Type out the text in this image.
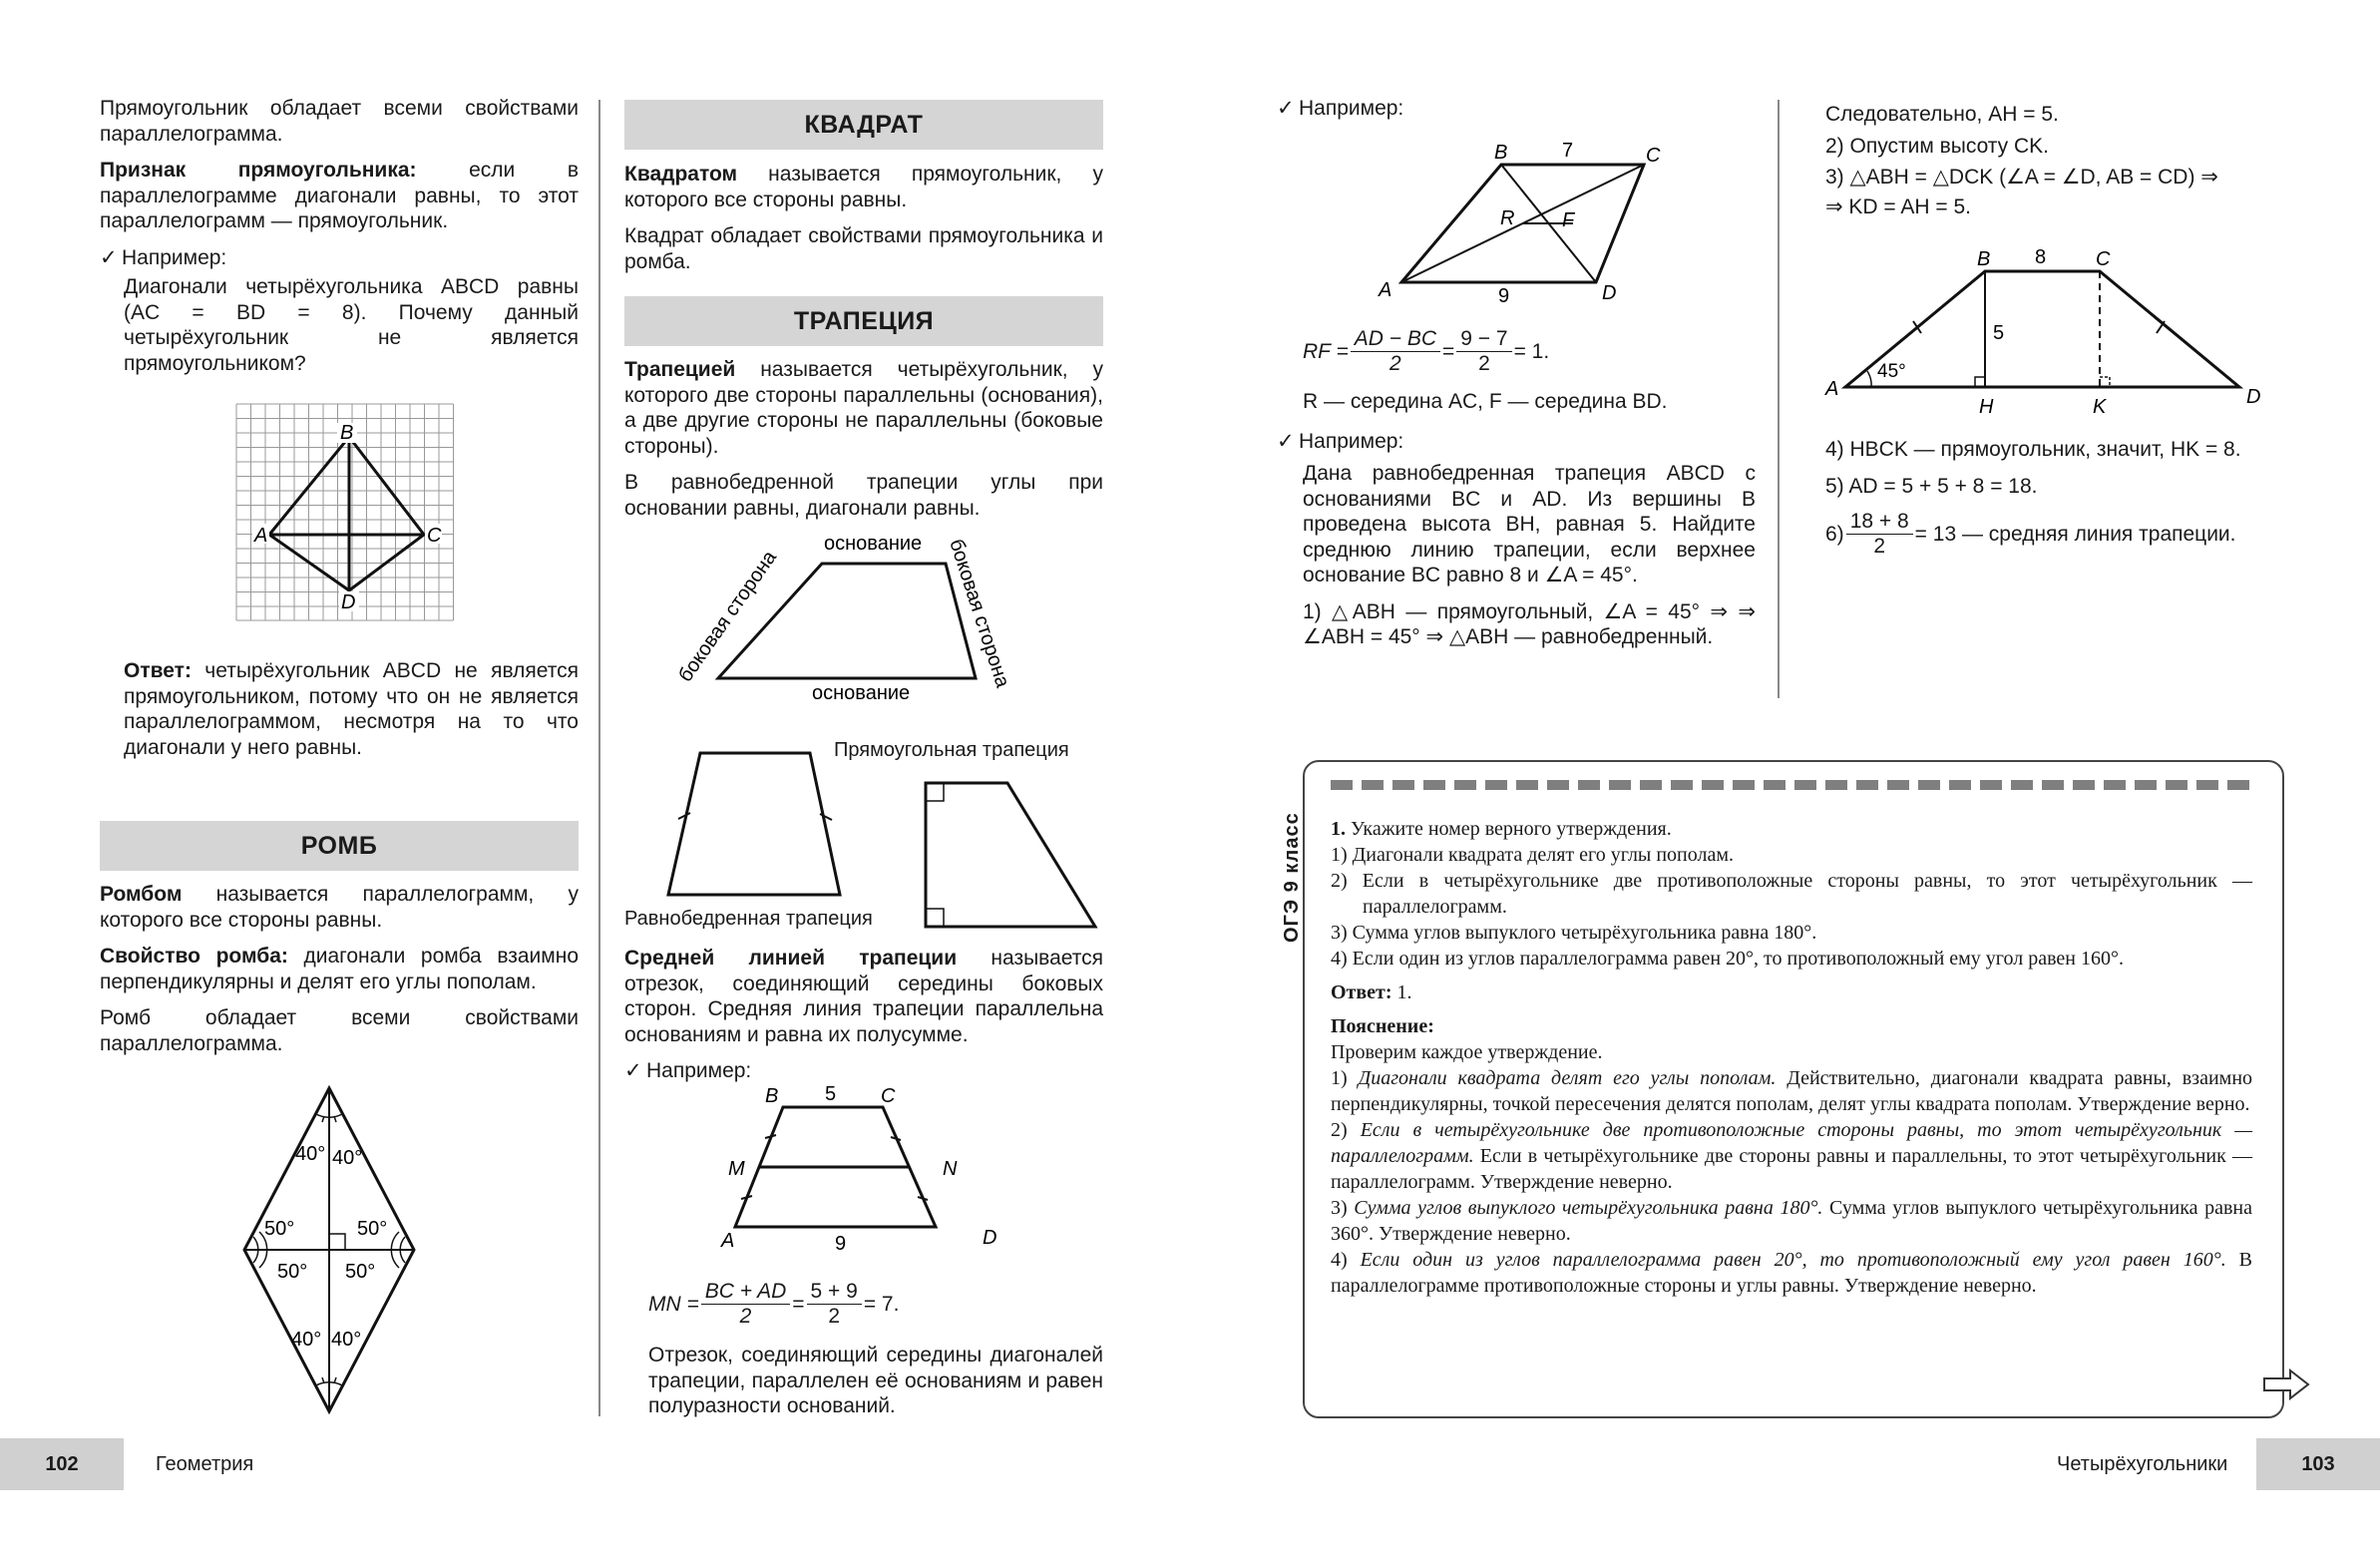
Прямоугольник обладает всеми свойствами параллелограмма.

Признак прямоугольника: если в параллелограмме диагонали равны, то этот параллелограмм — прямоугольник.

✓ Например:

Диагонали четырёхугольника ABCD равны (AC = BD = 8). Почему данный четырёхугольник не является прямоугольником?

B
A	C
D

Ответ: четырёхугольник ABCD не является прямоугольником, потому что он не является параллелограммом, несмотря на то что диагонали у него равны.

РОМБ

Ромбом называется параллелограмм, у которого все стороны равны.

Свойство ромба: диагонали ромба взаимно перпендикулярны и делят его углы пополам.

Ромб обладает всеми свойствами параллелограмма.

40° 40°
50°	50°
50° 50°
40° 40°
КВАДРАТ

Квадратом называется прямоугольник, у которого все стороны равны.

Квадрат обладает свойствами прямоугольника и ромба.

ТРАПЕЦИЯ

Трапецией называется четырёхугольник, у которого две стороны параллельны (основания), а две другие стороны не параллельны (боковые стороны).

В равнобедренной трапеции углы при основании равны, диагонали равны.

основание
основание
боковая сторона	боковая сторона
Прямоугольная трапеция
Равнобедренная трапеция

Средней линией трапеции называется отрезок, соединяющий середины боковых сторон. Средняя линия трапеции параллельна основаниям и равна их полусумме.

✓ Например:
B 5 C
M	N
A	9	D
MN = $\frac{BC + AD}{2} = \frac{5 + 9}{2} = 7$.
Отрезок, соединяющий середины диагоналей трапеции, параллелен её основаниям и равен полуразности оснований.
✓ Например:
B	7	C
R F
A	9	D
RF = $\frac{AD - BC}{2} = \frac{9 - 7}{2} = 1$.
R — середина AC, F — середина BD.
✓ Например:

Дана равнобедренная трапеция ABCD с основаниями BC и AD. Из вершины B проведена высота BH, равная 5. Найдите среднюю линию трапеции, если верхнее основание BC равно 8 и ∠A = 45°.

1) △ABH — прямоугольный, ∠A = 45° ⇒ ⇒ ∠ABH = 45° ⇒ △ABH — равнобедренный.

Следовательно, AH = 5.

2) Опустим высоту CK.

3) △ABH = △DCK (∠A = ∠D, AB = CD) ⇒

⇒ KD = AH = 5.

B 8 C
5
45°
A
H	K	D

4) HBCK — прямоугольник, значит, HK = 8.

5) AD = 5 + 5 + 8 = 18.

$6) \frac{18 + 8}{2} = 13$ — средняя линия трапеции.
ОГЭ 9 класс 1. Укажите номер верного утверждения.

1) Диагонали квадрата делят его углы пополам.

2) Если в четырёхугольнике две противоположные стороны равны, то этот четырёхугольник — параллелограмм.

3) Сумма углов выпуклого четырёхугольника равна 180°.

4) Если один из углов параллелограмма равен 20°, то противоположный ему угол равен 160°.

Ответ: 1.

Пояснение:

Проверим каждое утверждение.

1) Диагонали квадрата делят его углы пополам. Действительно, диагонали квадрата равны, взаимно перпендикулярны, точкой пересечения делятся пополам, делят углы квадрата пополам. Утверждение верно.

2) Если в четырёхугольнике две противоположные стороны равны, то этот четырёхугольник — параллелограмм. Если в четырёхугольнике две стороны равны и параллельны, то этот четырёхугольник — параллелограмм. Утверждение неверно.

3) Сумма углов выпуклого четырёхугольника равна 180°. Сумма углов выпуклого четырёхугольника равна 360°. Утверждение неверно.

4) Если один из углов параллелограмма равен 20°, то противоположный ему угол равен 160°. В параллелограмме противоположные стороны и углы равны. Утверждение неверно.

102	Геометрия	Четырёхугольники	103
